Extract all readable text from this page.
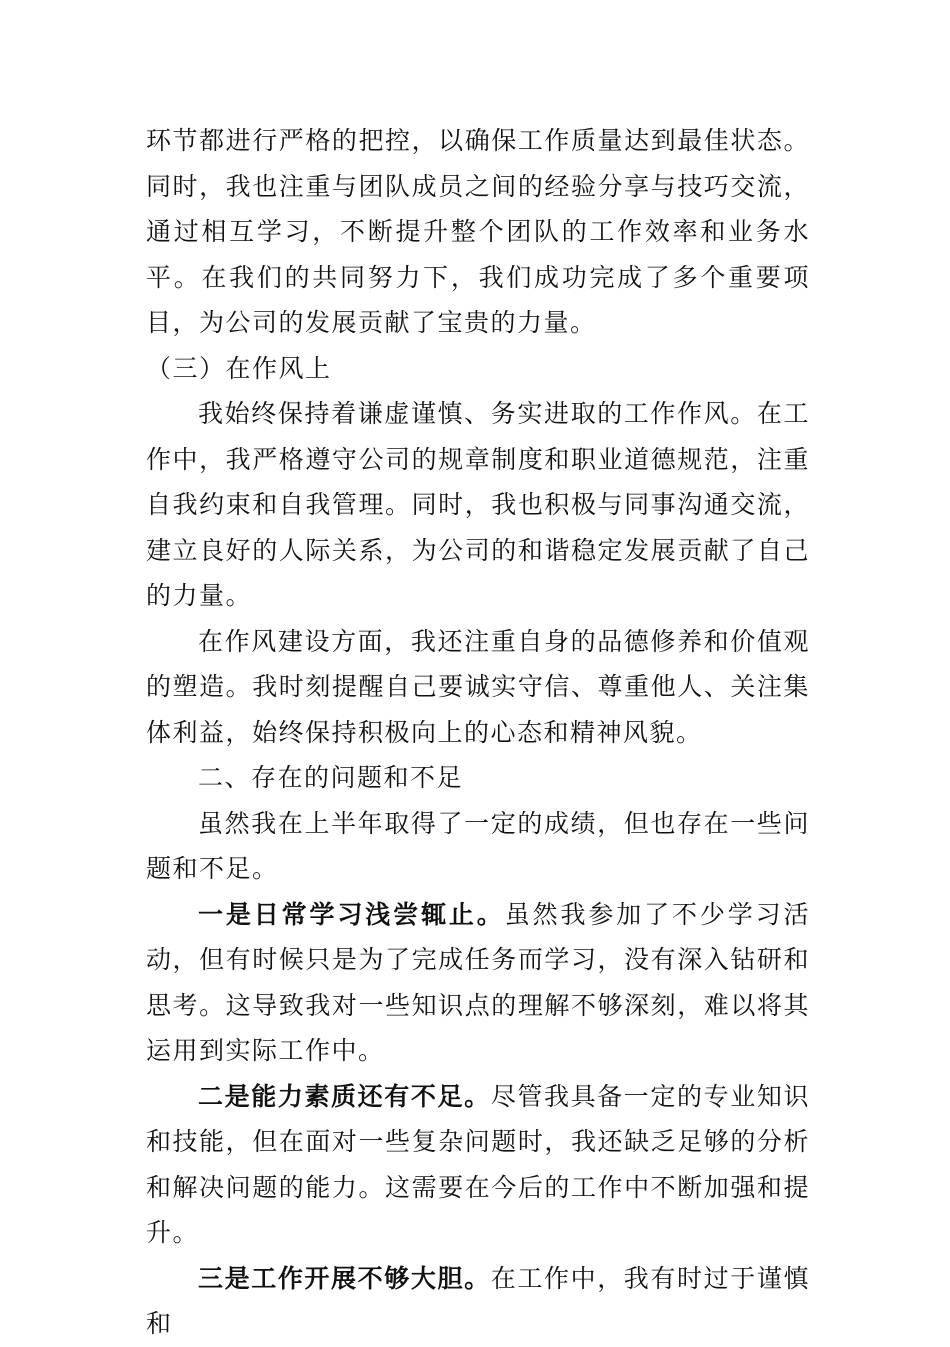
环节都进行严格的把控，以确保工作质量达到最佳状态。同时，我也注重与团队成员之间的经验分享与技巧交流，通过相互学习，不断提升整个团队的工作效率和业务水平。在我们的共同努力下，我们成功完成了多个重要项目，为公司的发展贡献了宝贵的力量。

（三）在作风上

我始终保持着谦虚谨慎、务实进取的工作作风。在工作中，我严格遵守公司的规章制度和职业道德规范，注重自我约束和自我管理。同时，我也积极与同事沟通交流，建立良好的人际关系，为公司的和谐稳定发展贡献了自己的力量。

在作风建设方面，我还注重自身的品德修养和价值观的塑造。我时刻提醒自己要诚实守信、尊重他人、关注集体利益，始终保持积极向上的心态和精神风貌。

二、存在的问题和不足

虽然我在上半年取得了一定的成绩，但也存在一些问题和不足。

一是日常学习浅尝辄止。虽然我参加了不少学习活动，但有时候只是为了完成任务而学习，没有深入钻研和思考。这导致我对一些知识点的理解不够深刻，难以将其运用到实际工作中。

二是能力素质还有不足。尽管我具备一定的专业知识和技能，但在面对一些复杂问题时，我还缺乏足够的分析和解决问题的能力。这需要在今后的工作中不断加强和提升。

三是工作开展不够大胆。在工作中，我有时过于谨慎和
